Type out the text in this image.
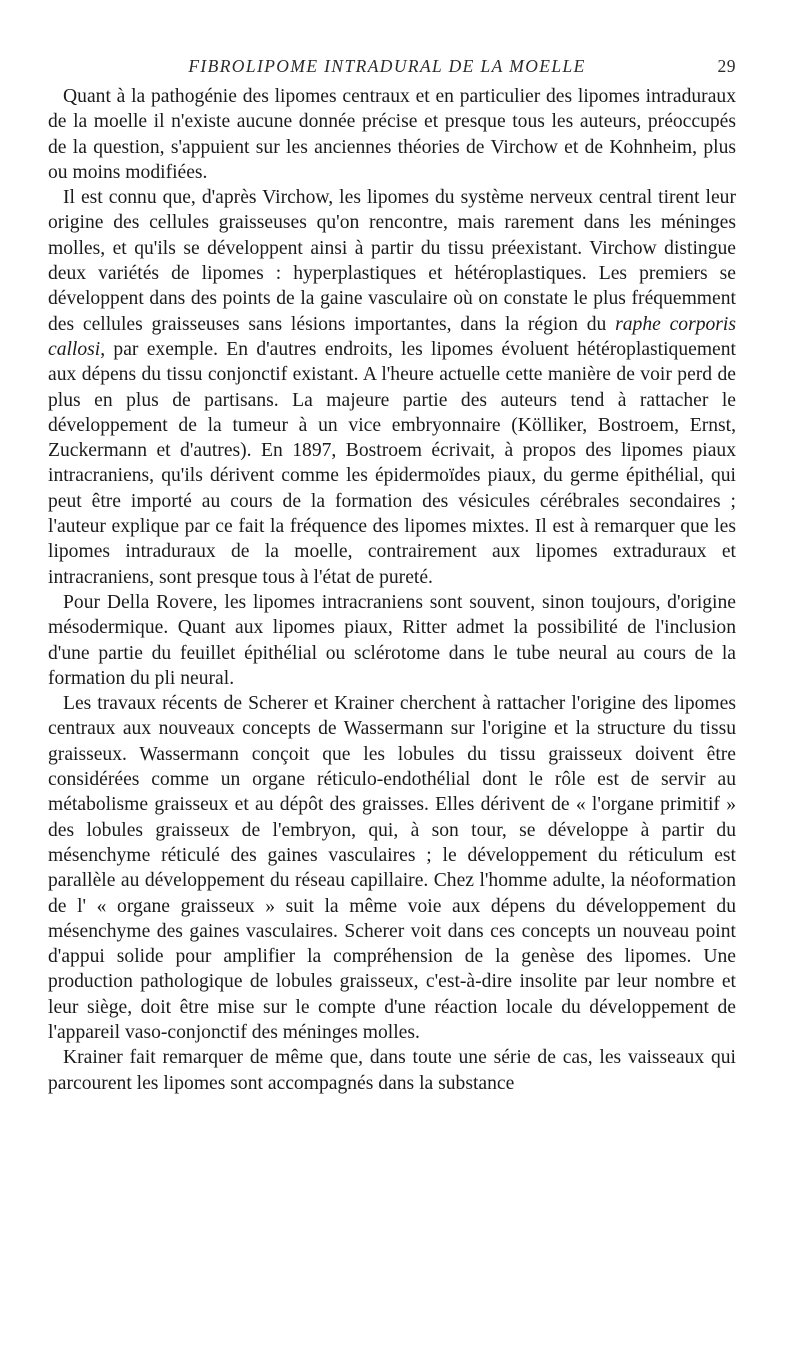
FIBROLIPOME INTRADURAL DE LA MOELLE	29

Quant à la pathogénie des lipomes centraux et en particulier des lipomes intraduraux de la moelle il n'existe aucune donnée précise et presque tous les auteurs, préoccupés de la question, s'appuient sur les anciennes théories de Virchow et de Kohnheim, plus ou moins modifiées.

Il est connu que, d'après Virchow, les lipomes du système nerveux central tirent leur origine des cellules graisseuses qu'on rencontre, mais rarement dans les méninges molles, et qu'ils se développent ainsi à partir du tissu préexistant. Virchow distingue deux variétés de lipomes : hyperplastiques et hétéroplastiques. Les premiers se développent dans des points de la gaine vasculaire où on constate le plus fréquemment des cellules graisseuses sans lésions importantes, dans la région du raphe corporis callosi, par exemple. En d'autres endroits, les lipomes évoluent hétéroplastiquement aux dépens du tissu conjonctif existant. A l'heure actuelle cette manière de voir perd de plus en plus de partisans. La majeure partie des auteurs tend à rattacher le développement de la tumeur à un vice embryonnaire (Kölliker, Bostroem, Ernst, Zuckermann et d'autres). En 1897, Bostroem écrivait, à propos des lipomes piaux intracraniens, qu'ils dérivent comme les épidermoïdes piaux, du germe épithélial, qui peut être importé au cours de la formation des vésicules cérébrales secondaires ; l'auteur explique par ce fait la fréquence des lipomes mixtes. Il est à remarquer que les lipomes intraduraux de la moelle, contrairement aux lipomes extraduraux et intracraniens, sont presque tous à l'état de pureté.

Pour Della Rovere, les lipomes intracraniens sont souvent, sinon toujours, d'origine mésodermique. Quant aux lipomes piaux, Ritter admet la possibilité de l'inclusion d'une partie du feuillet épithélial ou sclérotome dans le tube neural au cours de la formation du pli neural.

Les travaux récents de Scherer et Krainer cherchent à rattacher l'origine des lipomes centraux aux nouveaux concepts de Wassermann sur l'origine et la structure du tissu graisseux. Wassermann conçoit que les lobules du tissu graisseux doivent être considérées comme un organe réticulo-endothélial dont le rôle est de servir au métabolisme graisseux et au dépôt des graisses. Elles dérivent de « l'organe primitif » des lobules graisseux de l'embryon, qui, à son tour, se développe à partir du mésenchyme réticulé des gaines vasculaires ; le développement du réticulum est parallèle au développement du réseau capillaire. Chez l'homme adulte, la néoformation de l' « organe graisseux » suit la même voie aux dépens du développement du mésenchyme des gaines vasculaires. Scherer voit dans ces concepts un nouveau point d'appui solide pour amplifier la compréhension de la genèse des lipomes. Une production pathologique de lobules graisseux, c'est-à-dire insolite par leur nombre et leur siège, doit être mise sur le compte d'une réaction locale du développement de l'appareil vaso-conjonctif des méninges molles.

Krainer fait remarquer de même que, dans toute une série de cas, les vaisseaux qui parcourent les lipomes sont accompagnés dans la substance
